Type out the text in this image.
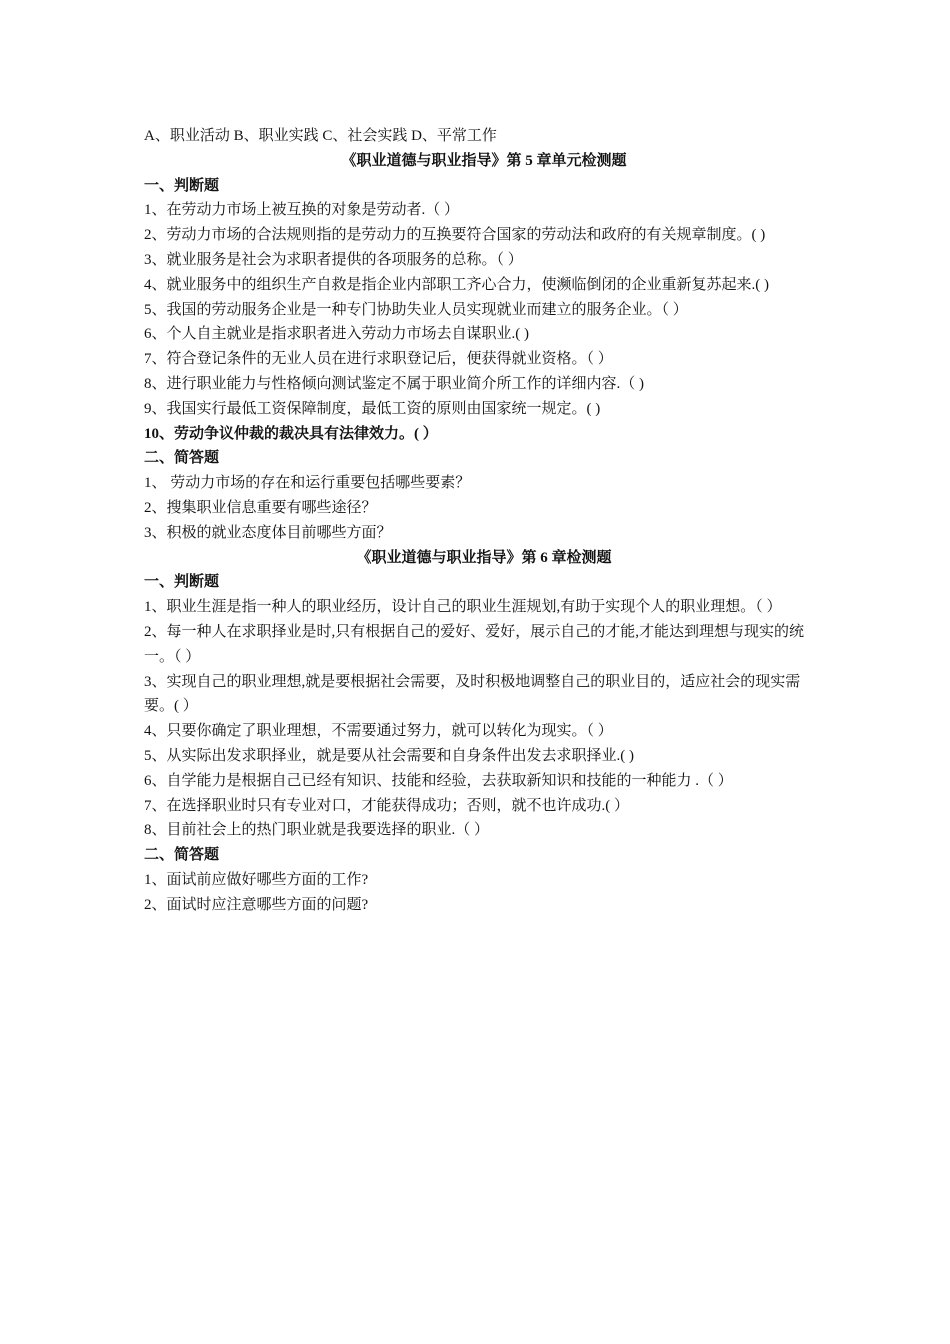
A、职业活动 B、职业实践 C、社会实践 D、平常工作

《职业道德与职业指导》第 5 章单元检测题

一、判断题

1、在劳动力市场上被互换的对象是劳动者.（ ）

2、劳动力市场的合法规则指的是劳动力的互换要符合国家的劳动法和政府的有关规章制度。( )

3、就业服务是社会为求职者提供的各项服务的总称。（ ）

4、就业服务中的组织生产自救是指企业内部职工齐心合力，使濒临倒闭的企业重新复苏起来.( )

5、我国的劳动服务企业是一种专门协助失业人员实现就业而建立的服务企业。（ ）

6、个人自主就业是指求职者进入劳动力市场去自谋职业.( )

7、符合登记条件的无业人员在进行求职登记后，便获得就业资格。（ ）

8、进行职业能力与性格倾向测试鉴定不属于职业简介所工作的详细内容.（ )

9、我国实行最低工资保障制度，最低工资的原则由国家统一规定。( )

10、劳动争议仲裁的裁决具有法律效力。( ）

二、简答题

1、 劳动力市场的存在和运行重要包括哪些要素？

2、搜集职业信息重要有哪些途径？

3、积极的就业态度体目前哪些方面？

《职业道德与职业指导》第 6 章检测题

一、判断题

1、职业生涯是指一种人的职业经历，设计自己的职业生涯规划,有助于实现个人的职业理想。（ ）

2、每一种人在求职择业是时,只有根据自己的爱好、爱好，展示自己的才能,才能达到理想与现实的统一。（ ）

3、实现自己的职业理想,就是要根据社会需要，及时积极地调整自己的职业目的，适应社会的现实需要。( ）

4、只要你确定了职业理想，不需要通过努力，就可以转化为现实。（ ）

5、从实际出发求职择业，就是要从社会需要和自身条件出发去求职择业.( )

6、自学能力是根据自己已经有知识、技能和经验，去获取新知识和技能的一种能力 .（ ）

7、在选择职业时只有专业对口，才能获得成功；否则，就不也许成功.( ）

8、目前社会上的热门职业就是我要选择的职业.（ ）

二、简答题

1、面试前应做好哪些方面的工作?

2、面试时应注意哪些方面的问题?
